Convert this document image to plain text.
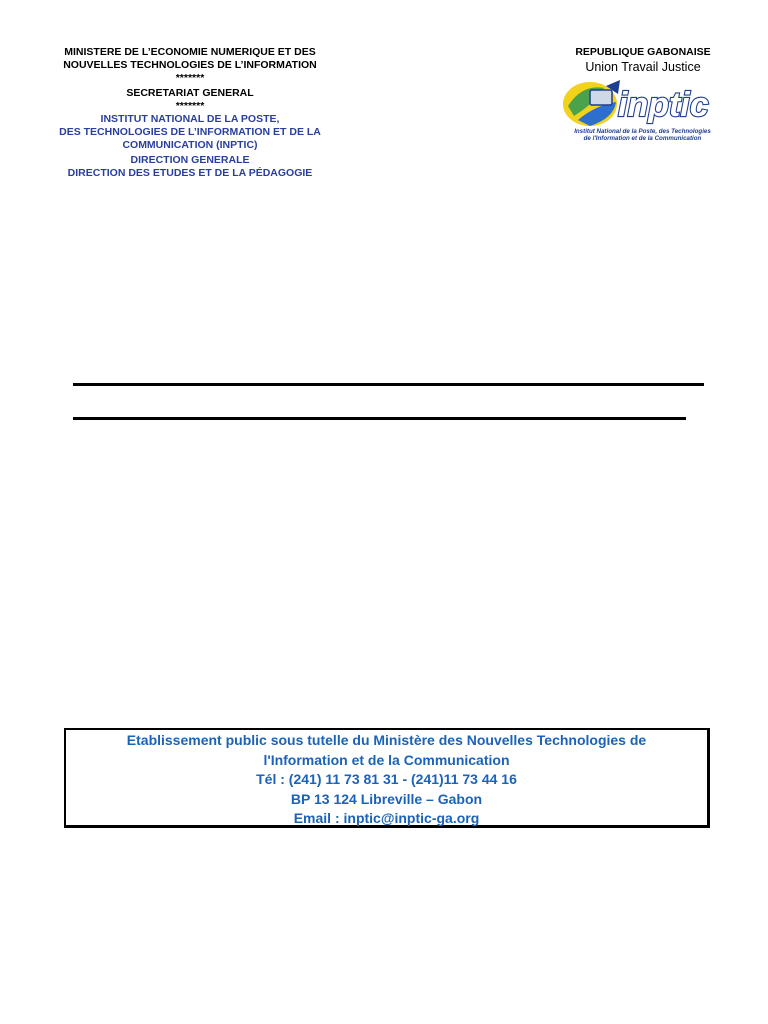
MINISTERE DE L’ECONOMIE NUMERIQUE ET DES
NOUVELLES TECHNOLOGIES DE L’INFORMATION
*******
SECRETARIAT GENERAL
*******
INSTITUT NATIONAL DE LA POSTE,
DES TECHNOLOGIES DE L’INFORMATION ET DE LA
COMMUNICATION (INPTIC)
DIRECTION GENERALE
DIRECTION DES ETUDES ET DE LA PÉDAGOGIE
REPUBLIQUE GABONAISE
Union Travail Justice
inptic
Institut National de la Poste, des Technologies
de l'Information et de la Communication
Etablissement public sous tutelle du Ministère des Nouvelles Technologies de
l'Information et de la Communication
Tél : (241) 11 73 81 31 - (241)11 73 44 16
BP 13 124 Libreville – Gabon
Email : inptic@inptic-ga.org
